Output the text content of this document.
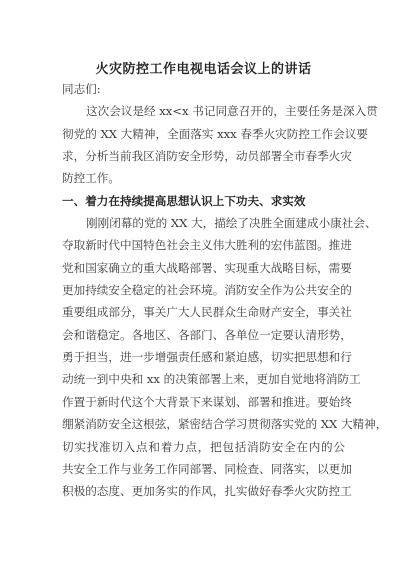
火灾防控工作电视电话会议上的讲话
同志们:
这次会议是经 xx<x 书记同意召开的，主要任务是深入贯
彻党的 XX 大精神，全面落实 xxx 春季火灾防控工作会议要
求，分析当前我区消防安全形势，动员部署全市春季火灾
防控工作。
一、着力在持续提高思想认识上下功夫、求实效
刚刚闭幕的党的 XX 大，描绘了决胜全面建成小康社会、
夺取新时代中国特色社会主义伟大胜利的宏伟蓝图。推进
党和国家确立的重大战略部署、实现重大战略目标，需要
更加持续安全稳定的社会环境。消防安全作为公共安全的
重要组成部分，事关广大人民群众生命财产安全，事关社
会和谐稳定。各地区、各部门、各单位一定要认清形势，
勇于担当，进一步增强责任感和紧迫感，切实把思想和行
动统一到中央和 xx 的决策部署上来，更加自觉地将消防工
作置于新时代这个大背景下来谋划、部署和推进。要始终
绷紧消防安全这根弦，紧密结合学习贯彻落实党的 XX 大精神，
切实找准切入点和着力点，把包括消防安全在内的公
共安全工作与业务工作同部署、同检查、同落实，以更加
积极的态度、更加务实的作风，扎实做好春季火灾防控工
